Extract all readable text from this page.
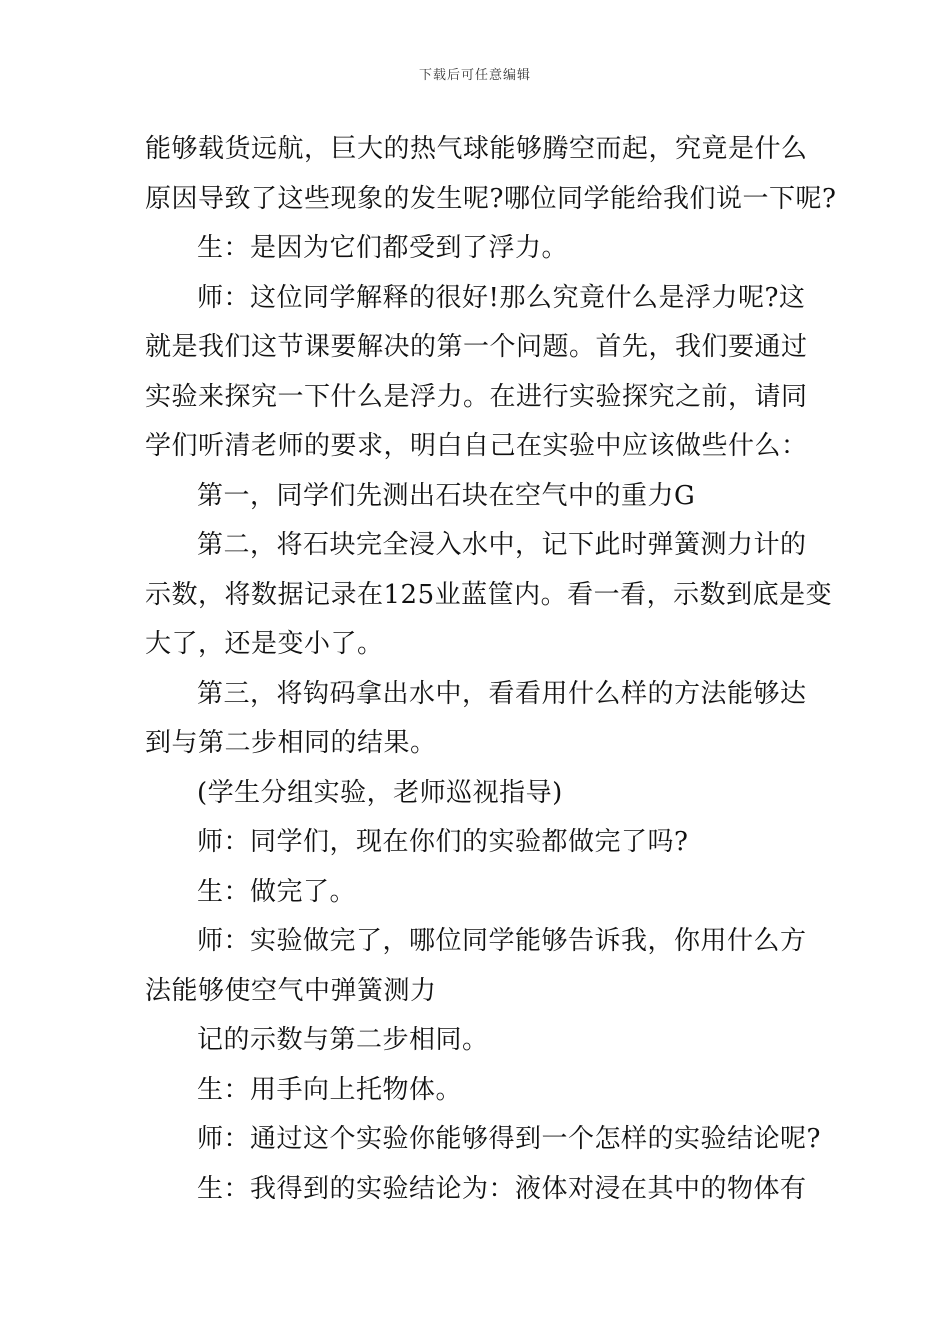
下载后可任意编辑

能够载货远航，巨大的热气球能够腾空而起，究竟是什么

原因导致了这些现象的发生呢?哪位同学能给我们说一下呢?

生：是因为它们都受到了浮力。

师：这位同学解释的很好!那么究竟什么是浮力呢?这

就是我们这节课要解决的第一个问题。首先，我们要通过

实验来探究一下什么是浮力。在进行实验探究之前，请同

学们听清老师的要求，明白自己在实验中应该做些什么：

第一，同学们先测出石块在空气中的重力G

第二，将石块完全浸入水中，记下此时弹簧测力计的

示数，将数据记录在125业蓝筐内。看一看，示数到底是变

大了，还是变小了。

第三，将钩码拿出水中，看看用什么样的方法能够达

到与第二步相同的结果。

(学生分组实验，老师巡视指导)

师：同学们，现在你们的实验都做完了吗?

生：做完了。

师：实验做完了，哪位同学能够告诉我，你用什么方

法能够使空气中弹簧测力

记的示数与第二步相同。

生：用手向上托物体。

师：通过这个实验你能够得到一个怎样的实验结论呢?

生：我得到的实验结论为：液体对浸在其中的物体有
